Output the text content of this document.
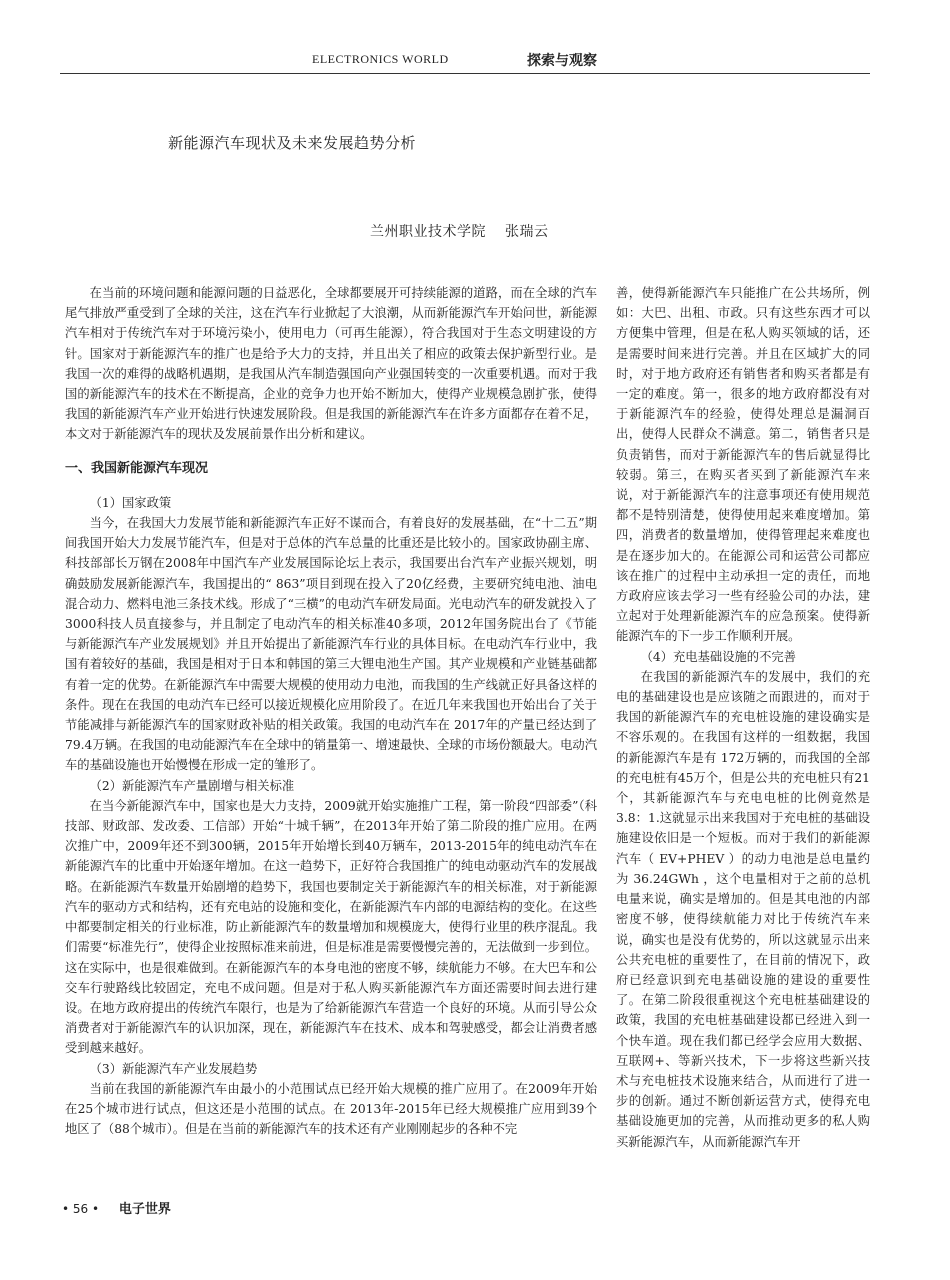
ELECTRONICS WORLD	探索与观察
新能源汽车现状及未来发展趋势分析
兰州职业技术学院 张瑞云

在当前的环境问题和能源问题的日益恶化，全球都要展开可持续能源的道路，而在全球的汽车尾气排放严重受到了全球的关注，这在汽车行业掀起了大浪潮，从而新能源汽车开始问世，新能源汽车相对于传统汽车对于环境污染小，使用电力（可再生能源），符合我国对于生态文明建设的方针。国家对于新能源汽车的推广也是给予大力的支持，并且出关了相应的政策去保护新型行业。是我国一次的难得的战略机遇期，是我国从汽车制造强国向产业强国转变的一次重要机遇。而对于我国的新能源汽车的技术在不断提高，企业的竞争力也开始不断加大，使得产业规模急剧扩张，使得我国的新能源汽车产业开始进行快速发展阶段。但是我国的新能源汽车在许多方面都存在着不足，本文对于新能源汽车的现状及发展前景作出分析和建议。

一、我国新能源汽车现况

（1）国家政策

当今，在我国大力发展节能和新能源汽车正好不谋而合，有着良好的发展基础，在“十二五”期间我国开始大力发展节能汽车，但是对于总体的汽车总量的比重还是比较小的。国家政协副主席、科技部部长万钢在2008年中国汽车产业发展国际论坛上表示，我国要出台汽车产业振兴规划，明确鼓励发展新能源汽车，我国提出的“ 863”项目到现在投入了20亿经费，主要研究纯电池、油电混合动力、燃料电池三条技术线。形成了“三横”的电动汽车研发局面。光电动汽车的研发就投入了3000科技人员直接参与，并且制定了电动汽车的相关标准40多项，2012年国务院出台了《节能与新能源汽车产业发展规划》并且开始提出了新能源汽车行业的具体目标。在电动汽车行业中，我国有着较好的基础，我国是相对于日本和韩国的第三大锂电池生产国。其产业规模和产业链基础都有着一定的优势。在新能源汽车中需要大规模的使用动力电池，而我国的生产线就正好具备这样的条件。现在在我国的电动汽车已经可以接近规模化应用阶段了。在近几年来我国也开始出台了关于节能减排与新能源汽车的国家财政补贴的相关政策。我国的电动汽车在 2017年的产量已经达到了79.4万辆。在我国的电动能源汽车在全球中的销量第一、增速最快、全球的市场份额最大。电动汽车的基础设施也开始慢慢在形成一定的雏形了。

（2）新能源汽车产量剧增与相关标准

在当今新能源汽车中，国家也是大力支持，2009就开始实施推广工程，第一阶段“四部委”（科技部、财政部、发改委、工信部）开始“十城千辆”，在2013年开始了第二阶段的推广应用。在两次推广中，2009年还不到300辆，2015年开始增长到40万辆车，2013-2015年的纯电动汽车在新能源汽车的比重中开始逐年增加。在这一趋势下，正好符合我国推广的纯电动驱动汽车的发展战略。在新能源汽车数量开始剧增的趋势下，我国也要制定关于新能源汽车的相关标准，对于新能源汽车的驱动方式和结构，还有充电站的设施和变化，在新能源汽车内部的电源结构的变化。在这些中都要制定相关的行业标准，防止新能源汽车的数量增加和规模庞大，使得行业里的秩序混乱。我们需要“标准先行”，使得企业按照标准来前进，但是标准是需要慢慢完善的，无法做到一步到位。这在实际中，也是很难做到。在新能源汽车的本身电池的密度不够，续航能力不够。在大巴车和公交车行驶路线比较固定，充电不成问题。但是对于私人购买新能源汽车方面还需要时间去进行建设。在地方政府提出的传统汽车限行，也是为了给新能源汽车营造一个良好的环境。从而引导公众消费者对于新能源汽车的认识加深，现在，新能源汽车在技术、成本和驾驶感受，都会让消费者感受到越来越好。

（3）新能源汽车产业发展趋势

当前在我国的新能源汽车由最小的小范围试点已经开始大规模的推广应用了。在2009年开始在25个城市进行试点，但这还是小范围的试点。在 2013年-2015年已经大规模推广应用到39个地区了（88个城市）。但是在当前的新能源汽车的技术还有产业刚刚起步的各种不完

善，使得新能源汽车只能推广在公共场所，例如：大巴、出租、市政。只有这些东西才可以方便集中管理，但是在私人购买领域的话，还是需要时间来进行完善。并且在区域扩大的同时，对于地方政府还有销售者和购买者都是有一定的难度。第一，很多的地方政府都没有对于新能源汽车的经验，使得处理总是漏洞百出，使得人民群众不满意。第二，销售者只是负责销售，而对于新能源汽车的售后就显得比较弱。第三，在购买者买到了新能源汽车来说，对于新能源汽车的注意事项还有使用规范都不是特别清楚，使得使用起来难度增加。第四，消费者的数量增加，使得管理起来难度也是在逐步加大的。在能源公司和运营公司都应该在推广的过程中主动承担一定的责任，而地方政府应该去学习一些有经验公司的办法，建立起对于处理新能源汽车的应急预案。使得新能源汽车的下一步工作顺利开展。

（4）充电基础设施的不完善

在我国的新能源汽车的发展中，我们的充电的基础建设也是应该随之而跟进的，而对于我国的新能源汽车的充电桩设施的建设确实是不容乐观的。在我国有这样的一组数据，我国的新能源汽车是有 172万辆的，而我国的全部的充电桩有45万个，但是公共的充电桩只有21个，其新能源汽车与充电电桩的比例竟然是3.8：1.这就显示出来我国对于充电桩的基础设施建设依旧是一个短板。而对于我们的新能源汽车（ EV+PHEV ）的动力电池是总电量约为 36.24GWh ，这个电量相对于之前的总机电量来说，确实是增加的。但是其电池的内部密度不够，使得续航能力对比于传统汽车来说，确实也是没有优势的，所以这就显示出来公共充电桩的重要性了，在目前的情况下，政府已经意识到充电基础设施的建设的重要性了。在第二阶段很重视这个充电桩基础建设的政策，我国的充电桩基础建设都已经进入到一个快车道。现在我们都已经学会应用大数据、互联网+、等新兴技术，下一步将这些新兴技术与充电桩技术设施来结合，从而进行了进一步的创新。通过不断创新运营方式，使得充电基础设施更加的完善，从而推动更多的私人购买新能源汽车，从而新能源汽车开

• 56 • 电子世界
